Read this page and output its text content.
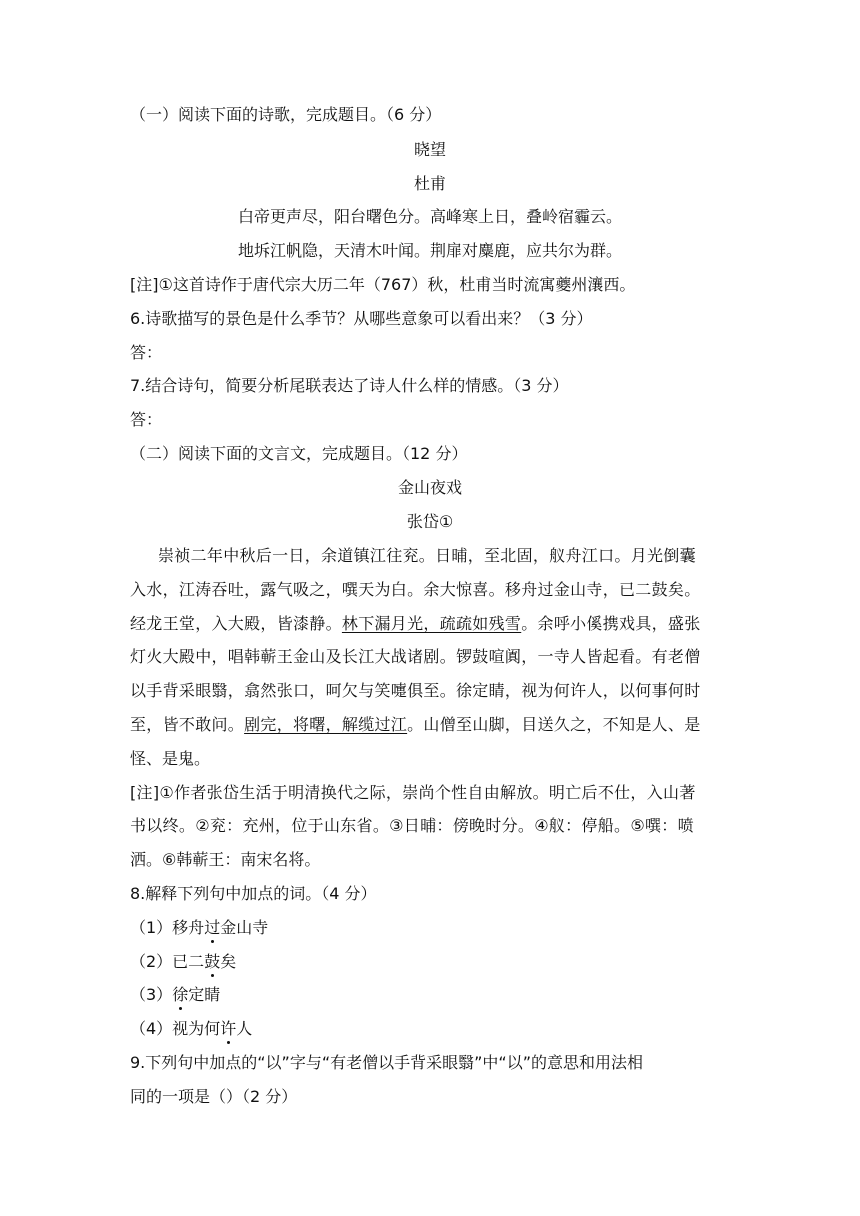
（一）阅读下面的诗歌，完成题目。（6 分）
晓望
杜甫
白帝更声尽，阳台曙色分。高峰寒上日，叠岭宿霾云。
地坼江帆隐，天清木叶闻。荆扉对麋鹿，应共尔为群。
[注]①这首诗作于唐代宗大历二年（767）秋，杜甫当时流寓夔州瀼西。
6.诗歌描写的景色是什么季节？从哪些意象可以看出来？（3 分）
答：
7.结合诗句，简要分析尾联表达了诗人什么样的情感。（3 分）
答：
（二）阅读下面的文言文，完成题目。（12 分）
金山夜戏
张岱①
崇祯二年中秋后一日，余道镇江往兖。日晡，至北固，舣舟江口。月光倒囊
入水，江涛吞吐，露气吸之，噀天为白。余大惊喜。移舟过金山寺，已二鼓矣。
经龙王堂，入大殿，皆漆静。林下漏月光，疏疏如残雪。余呼小傒携戏具，盛张
灯火大殿中，唱韩蕲王金山及长江大战诸剧。锣鼓喧阗，一寺人皆起看。有老僧
以手背采眼翳，翕然张口，呵欠与笑嚏俱至。徐定睛，视为何许人，以何事何时
至，皆不敢问。剧完，将曙，解缆过江。山僧至山脚，目送久之，不知是人、是
怪、是鬼。
[注]①作者张岱生活于明清换代之际，崇尚个性自由解放。明亡后不仕，入山著
书以终。②兖：充州，位于山东省。③日晡：傍晚时分。④舣：停船。⑤噀：喷
洒。⑥韩蕲王：南宋名将。
8.解释下列句中加点的词。（4 分）
（1）移舟过金山寺
（2）已二鼓矣
（3）徐定睛
（4）视为何许人
9.下列句中加点的“以”字与“有老僧以手背采眼翳”中“以”的意思和用法相
同的一项是（）（2 分）
